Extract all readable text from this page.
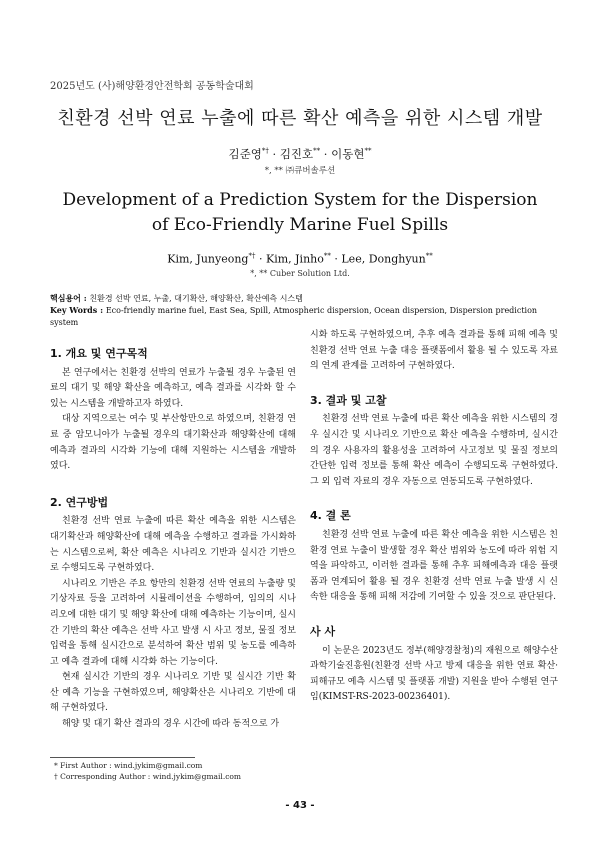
2025년도 (사)해양환경안전학회 공동학술대회
친환경 선박 연료 누출에 따른 확산 예측을 위한 시스템 개발
김준영*† · 김진호** · 이동현**
*, ** ㈜큐버솔루션
Development of a Prediction System for the Dispersion
of Eco-Friendly Marine Fuel Spills
Kim, Junyeong*† · Kim, Jinho** · Lee, Donghyun**
*, ** Cuber Solution Ltd.
핵심용어 : 친환경 선박 연료, 누출, 대기확산, 해양확산, 확산예측 시스템
Key Words : Eco-friendly marine fuel, East Sea, Spill, Atmospheric dispersion, Ocean dispersion, Dispersion prediction system
1. 개요 및 연구목적

본 연구에서는 친환경 선박의 연료가 누출될 경우 누출된 연료의 대기 및 해양 확산을 예측하고, 예측 결과를 시각화 할 수 있는 시스템을 개발하고자 하였다.

대상 지역으로는 여수 및 부산항만으로 하였으며, 친환경 연료 중 암모니아가 누출될 경우의 대기확산과 해양확산에 대해 예측과 결과의 시각화 기능에 대해 지원하는 시스템을 개발하였다.

2. 연구방법

친환경 선박 연료 누출에 따른 확산 예측을 위한 시스템은 대기확산과 해양확산에 대해 예측을 수행하고 결과를 가시화하는 시스템으로써, 확산 예측은 시나리오 기반과 실시간 기반으로 수행되도록 구현하였다.

시나리오 기반은 주요 항만의 친환경 선박 연료의 누출량 및 기상자료 등을 고려하여 시뮬레이션을 수행하여, 임의의 시나리오에 대한 대기 및 해양 확산에 대해 예측하는 기능이며, 실시간 기반의 확산 예측은 선박 사고 발생 시 사고 정보, 물질 정보 입력을 통해 실시간으로 분석하여 확산 범위 및 농도를 예측하고 예측 결과에 대해 시각화 하는 기능이다.

현재 실시간 기반의 경우 시나리오 기반 및 실시간 기반 확산 예측 기능을 구현하였으며, 해양확산은 시나리오 기반에 대해 구현하였다.

해양 및 대기 확산 결과의 경우 시간에 따라 동적으로 가

시화 하도록 구현하였으며, 추후 예측 결과를 통해 피해 예측 및 친환경 선박 연료 누출 대응 플랫폼에서 활용 될 수 있도록 자료의 연계 관계를 고려하여 구현하였다.

3. 결과 및 고찰

친환경 선박 연료 누출에 따른 확산 예측을 위한 시스템의 경우 실시간 및 시나리오 기반으로 확산 예측을 수행하며, 실시간의 경우 사용자의 활용성을 고려하여 사고정보 및 물질 정보의 간단한 입력 정보를 통해 확산 예측이 수행되도록 구현하였다. 그 외 입력 자료의 경우 자동으로 연동되도록 구현하였다.

4. 결 론

친환경 선박 연료 누출에 따른 확산 예측을 위한 시스템은 친환경 연료 누출이 발생할 경우 확산 범위와 농도에 따라 위험 지역을 파악하고, 이러한 결과를 통해 추후 피해예측과 대응 플랫폼과 연계되어 활용 될 경우 친환경 선박 연료 누출 발생 시 신속한 대응을 통해 피해 저감에 기여할 수 있을 것으로 판단된다.

사 사

이 논문은 2023년도 정부(해양경찰청)의 재원으로 해양수산과학기술진흥원(친환경 선박 사고 방제 대응을 위한 연료 확산·피해규모 예측 시스템 및 플랫폼 개발) 지원을 받아 수행된 연구임(KIMST-RS-2023-00236401).

* First Author : wind.jykim@gmail.com
† Corresponding Author : wind.jykim@gmail.com
- 43 -
